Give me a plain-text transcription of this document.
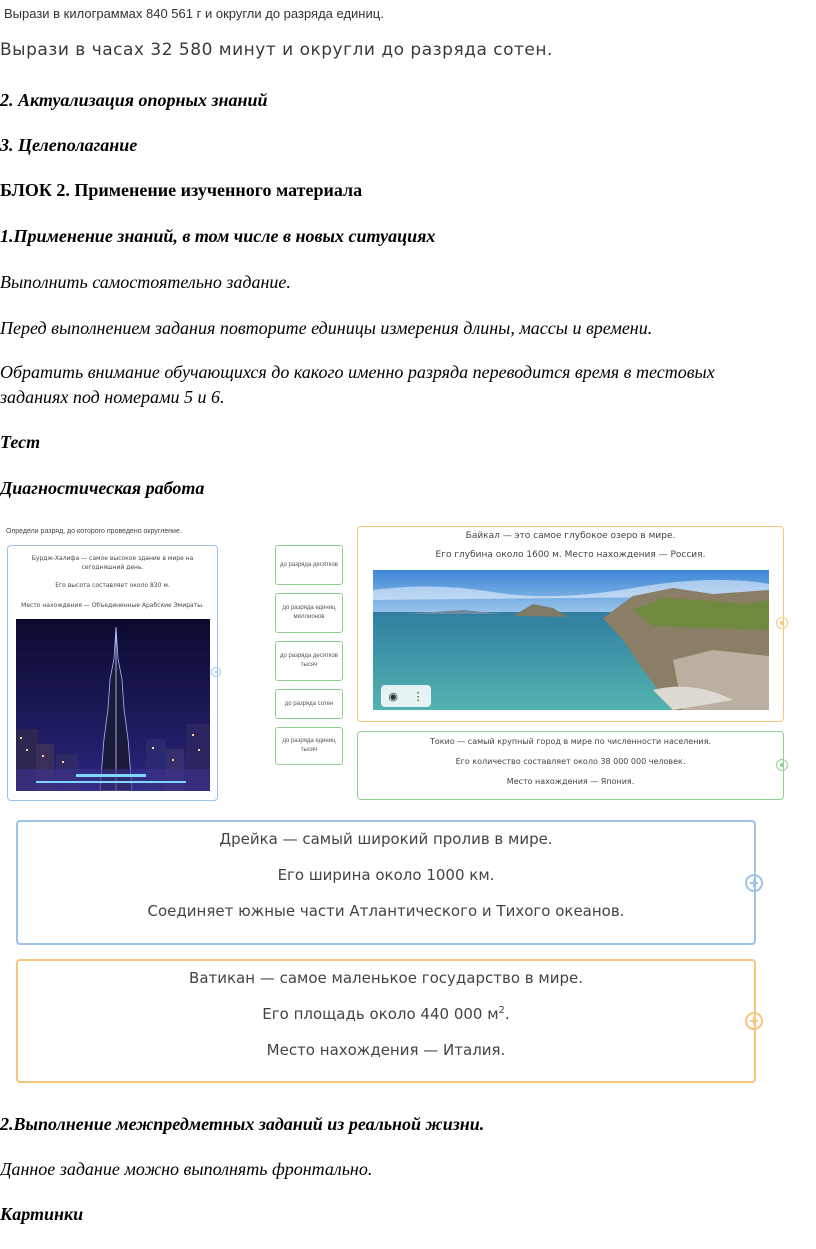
Вырази в килограммах 840 561 г и округли до разряда единиц.
Вырази в часах 32 580 минут и округли до разряда сотен.
2. Актуализация опорных знаний
3. Целеполагание
БЛОК 2. Применение изученного материала
1.Применение знаний, в том числе в новых ситуациях
Выполнить самостоятельно задание.
Перед выполнением задания повторите единицы измерения длины, массы и времени.
Обратить внимание обучающихся до какого именно разряда переводится время в тестовых заданиях под номерами 5 и 6.
Тест
Диагностическая работа
Определи разряд, до которого проведено округление.
Бурдж-Халифа — самое высокое здание в мире на сегодняшний день.
Его высота составляет около 830 м.
Место нахождения — Объединенные Арабские Эмираты.
до разряда десятков
до разряда единиц миллионов
до разряда десятков тысяч
до разряда сотен
до разряда единиц тысяч
Байкал — это самое глубокое озеро в мире.
Его глубина около 1600 м. Место нахождения — Россия.
◉ ⋮
Токио — самый крупный город в мире по численности населения.
Его количество составляет около 38 000 000 человек.
Место нахождения — Япония.
Дрейка — самый широкий пролив в мире.
Его ширина около 1000 км.
Соединяет южные части Атлантического и Тихого океанов.
Ватикан — самое маленькое государство в мире.
Его площадь около 440 000 $м^2$.
Место нахождения — Италия.
2.Выполнение межпредметных заданий из реальной жизни.
Данное задание можно выполнять фронтально.
Картинки
